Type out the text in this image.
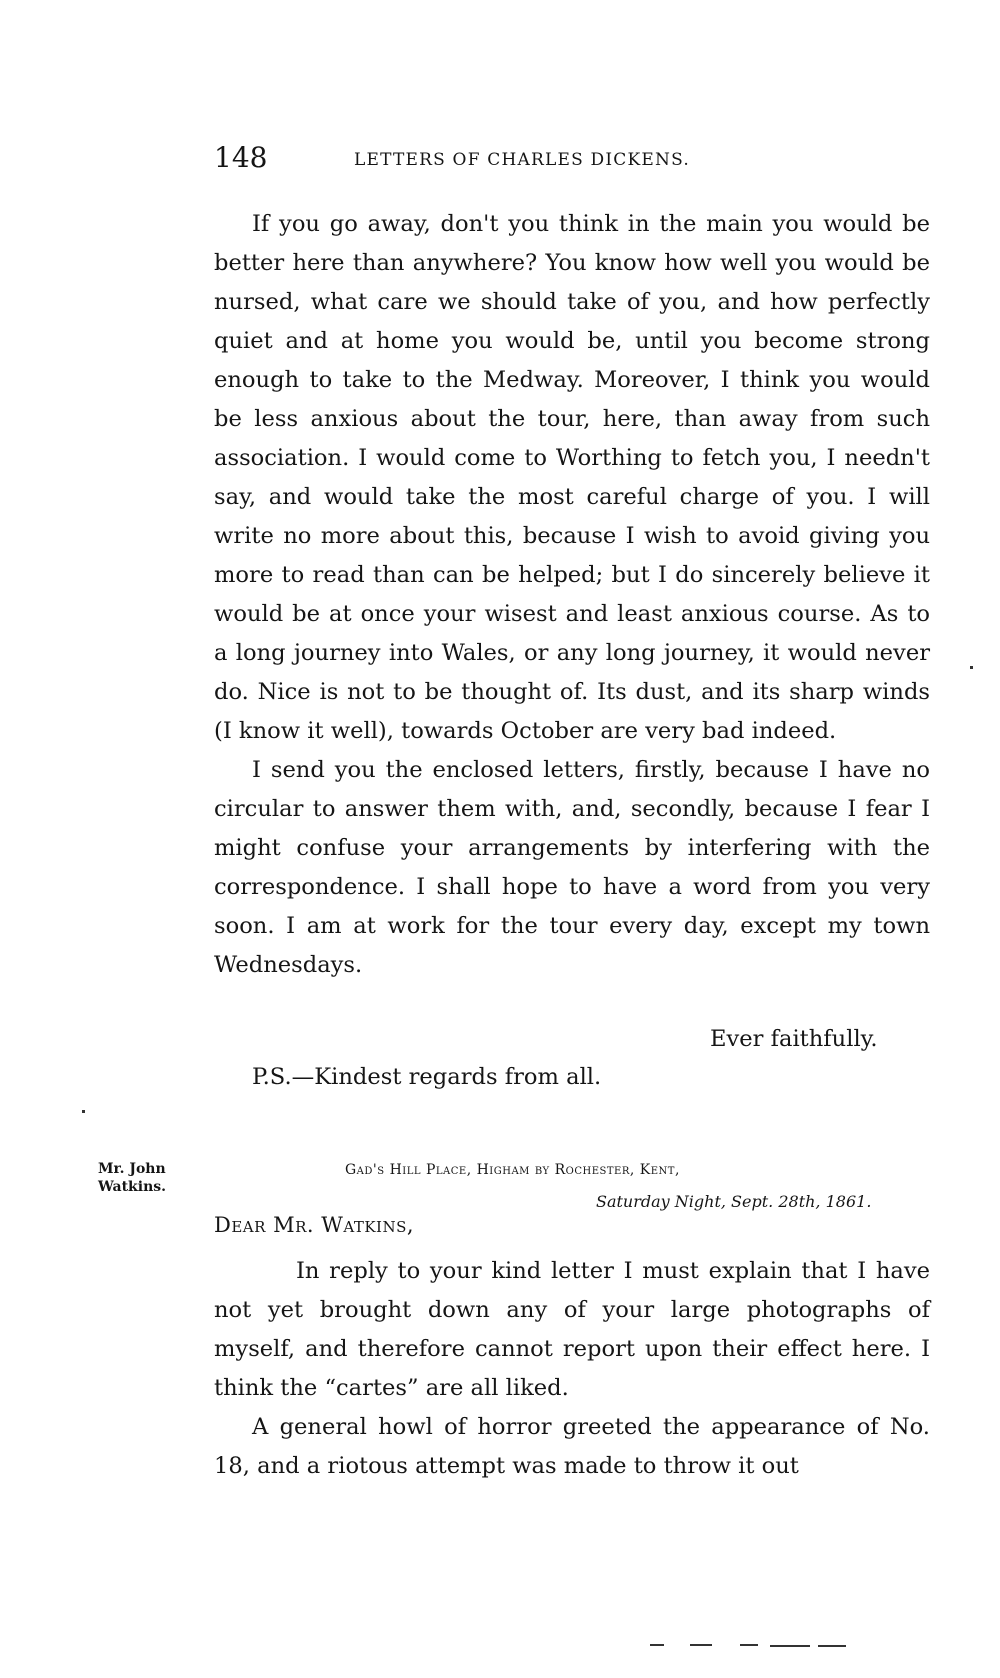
148	LETTERS OF CHARLES DICKENS.

If you go away, don't you think in the main you would be better here than anywhere? You know how well you would be nursed, what care we should take of you, and how perfectly quiet and at home you would be, until you become strong enough to take to the Medway. Moreover, I think you would be less anxious about the tour, here, than away from such association. I would come to Worthing to fetch you, I needn't say, and would take the most careful charge of you. I will write no more about this, because I wish to avoid giving you more to read than can be helped; but I do sincerely believe it would be at once your wisest and least anxious course. As to a long journey into Wales, or any long journey, it would never do. Nice is not to be thought of. Its dust, and its sharp winds (I know it well), towards October are very bad indeed.

I send you the enclosed letters, firstly, because I have no circular to answer them with, and, secondly, because I fear I might confuse your arrangements by interfering with the correspondence. I shall hope to have a word from you very soon. I am at work for the tour every day, except my town Wednesdays.

Ever faithfully.
P.S.—Kindest regards from all.
Mr. John
Watkins.
Gad's Hill Place, Higham by Rochester, Kent,
Saturday Night, Sept. 28th, 1861.
Dear Mr. Watkins,

In reply to your kind letter I must explain that I have not yet brought down any of your large photographs of myself, and therefore cannot report upon their effect here. I think the “cartes” are all liked.

A general howl of horror greeted the appearance of No. 18, and a riotous attempt was made to throw it out
